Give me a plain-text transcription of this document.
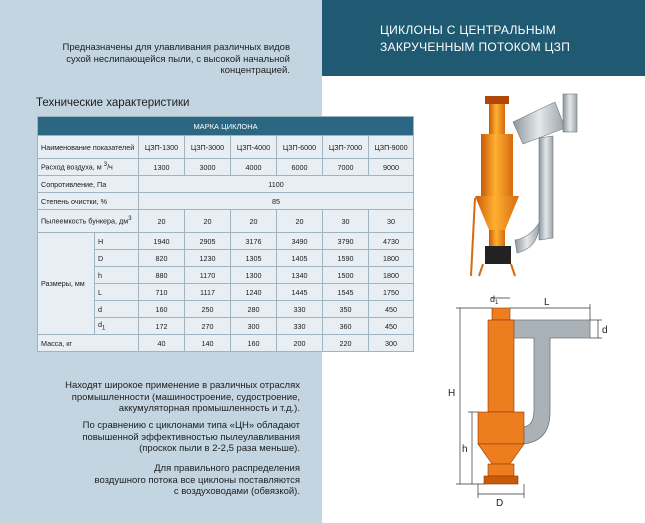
ЦИКЛОНЫ С ЦЕНТРАЛЬНЫМ
ЗАКРУЧЕННЫМ ПОТОКОМ ЦЗП
Предназначены для улавливания различных видов сухой неслипающейся пыли, с высокой начальной концентрацией.
Технические характеристики
МАРКА ЦИКЛОНА							
Наименование показателей		ЦЗП-1300	ЦЗП-3000	ЦЗП-4000	ЦЗП-6000	ЦЗП-7000	ЦЗП-9000
Расход воздуха, м $^3$/ч		1300	3000	4000	6000	7000	9000
Сопротивление, Па		1100					
Степень очистки, %		85					
Пылеемкость бункера, $дм^3$		20	20	20	20	30	30
Размеры, мм	H	1940	2905	3176	3490	3790	4730
	D	820	1230	1305	1405	1590	1800
	h	880	1170	1300	1340	1500	1800
	L	710	1117	1240	1445	1545	1750
	d	160	250	280	330	350	450
	$d_1$	172	270	300	330	360	450
Масса, кг		40	140	160	200	220	300
Находят широкое применение в различных отраслях
промышленности (машиностроение, судостроение,
аккумуляторная промышленность и т.д.).
По сравнению с циклонами типа «ЦН» обладают
повышенной эффективностью пылеулавливания
(проскок пыли в 2-2,5 раза меньше).
Для правильного распределения
воздушного потока все циклоны поставляются
с воздуховодами (обвязкой).
$d_1$	L
d
H
h
D
